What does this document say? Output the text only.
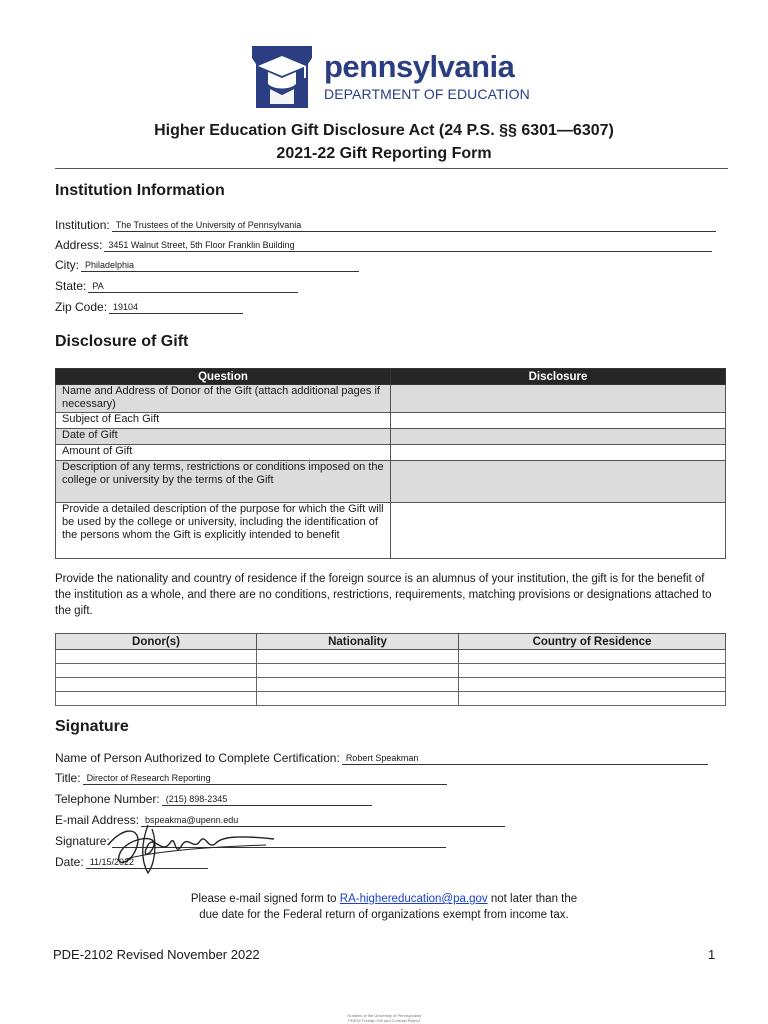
pennsylvania
DEPARTMENT OF EDUCATION
Higher Education Gift Disclosure Act (24 P.S. §§ 6301—6307)
2021-22 Gift Reporting Form
Institution Information
Institution: The Trustees of the University of Pennsylvania
Address: 3451 Walnut Street, 5th Floor Franklin Building
City: Philadelphia
State: PA
Zip Code: 19104
Disclosure of Gift
Question	Disclosure
Name and Address of Donor of the Gift (attach additional pages if necessary)	
Subject of Each Gift	
Date of Gift	
Amount of Gift	
Description of any terms, restrictions or conditions imposed on the college or university by the terms of the Gift	
Provide a detailed description of the purpose for which the Gift will be used by the college or university, including the identification of the persons whom the Gift is explicitly intended to benefit	
Provide the nationality and country of residence if the foreign source is an alumnus of your institution, the gift is for the benefit of the institution as a whole, and there are no conditions, restrictions, requirements, matching provisions or designations attached to the gift.
Donor(s)	Nationality	Country of Residence

Signature
Name of Person Authorized to Complete Certification: Robert Speakman
Title: Director of Research Reporting
Telephone Number: (215) 898-2345
E-mail Address: bspeakma@upenn.edu
Signature:
Date: 11/15/2022
Please e-mail signed form to RA-highereducation@pa.gov not later than the
due date for the Federal return of organizations exempt from income tax.
PDE-2102 Revised November 2022	1
Trustees of the University of Pennsylvania
PDE02 Foreign Gift and Contract Report
